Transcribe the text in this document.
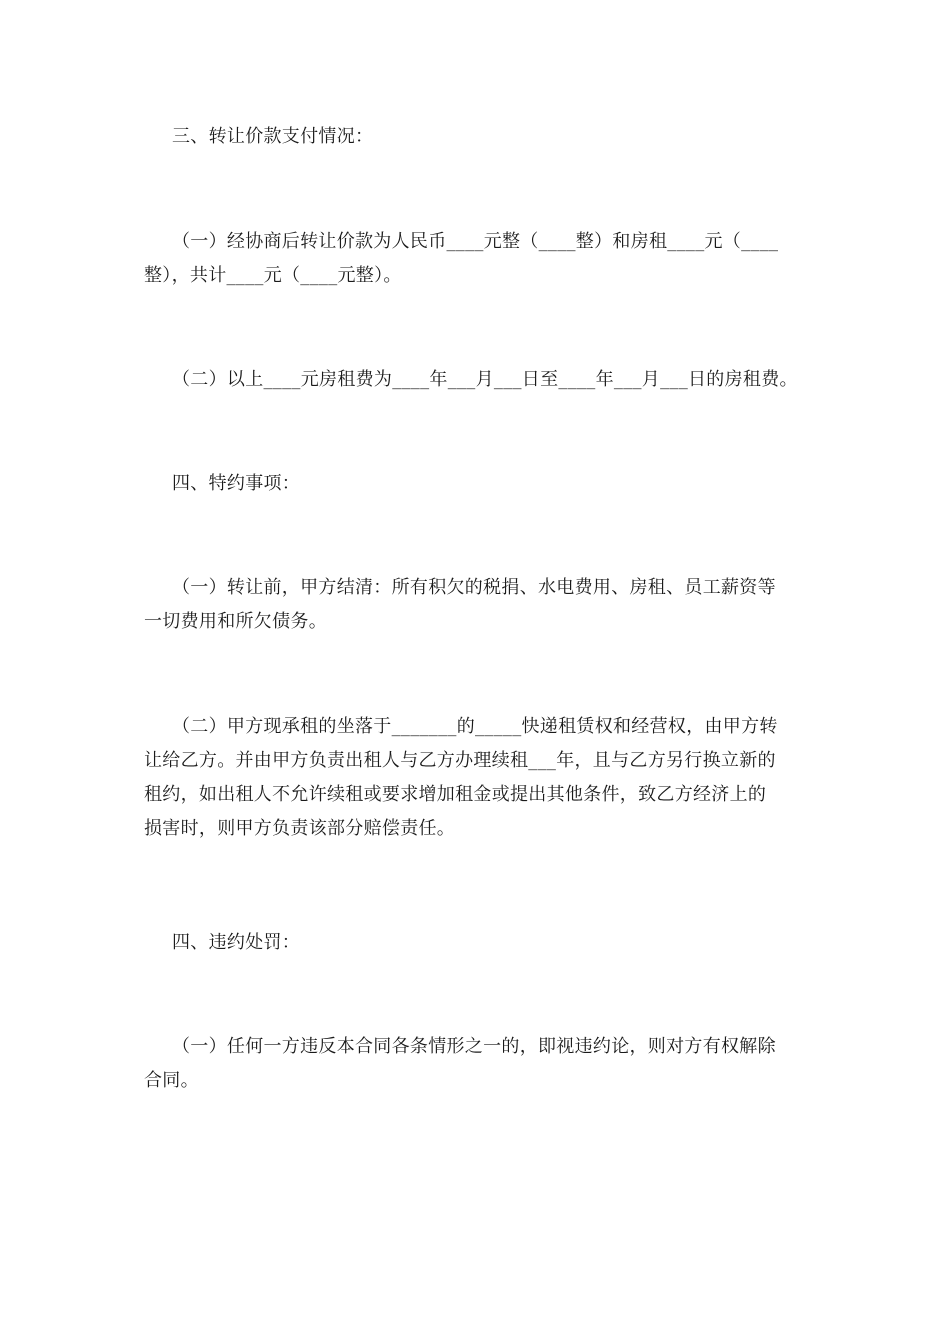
三、转让价款支付情况：
（一）经协商后转让价款为人民币____元整（____整）和房租____元（____
整），共计____元（____元整）。
（二）以上____元房租费为____年___月___日至____年___月___日的房租费。
四、特约事项：
（一）转让前，甲方结清：所有积欠的税捐、水电费用、房租、员工薪资等
一切费用和所欠债务。
（二）甲方现承租的坐落于_______的_____快递租赁权和经营权，由甲方转
让给乙方。并由甲方负责出租人与乙方办理续租___年，且与乙方另行换立新的
租约，如出租人不允许续租或要求增加租金或提出其他条件，致乙方经济上的
损害时，则甲方负责该部分赔偿责任。
四、违约处罚：
（一）任何一方违反本合同各条情形之一的，即视违约论，则对方有权解除
合同。
